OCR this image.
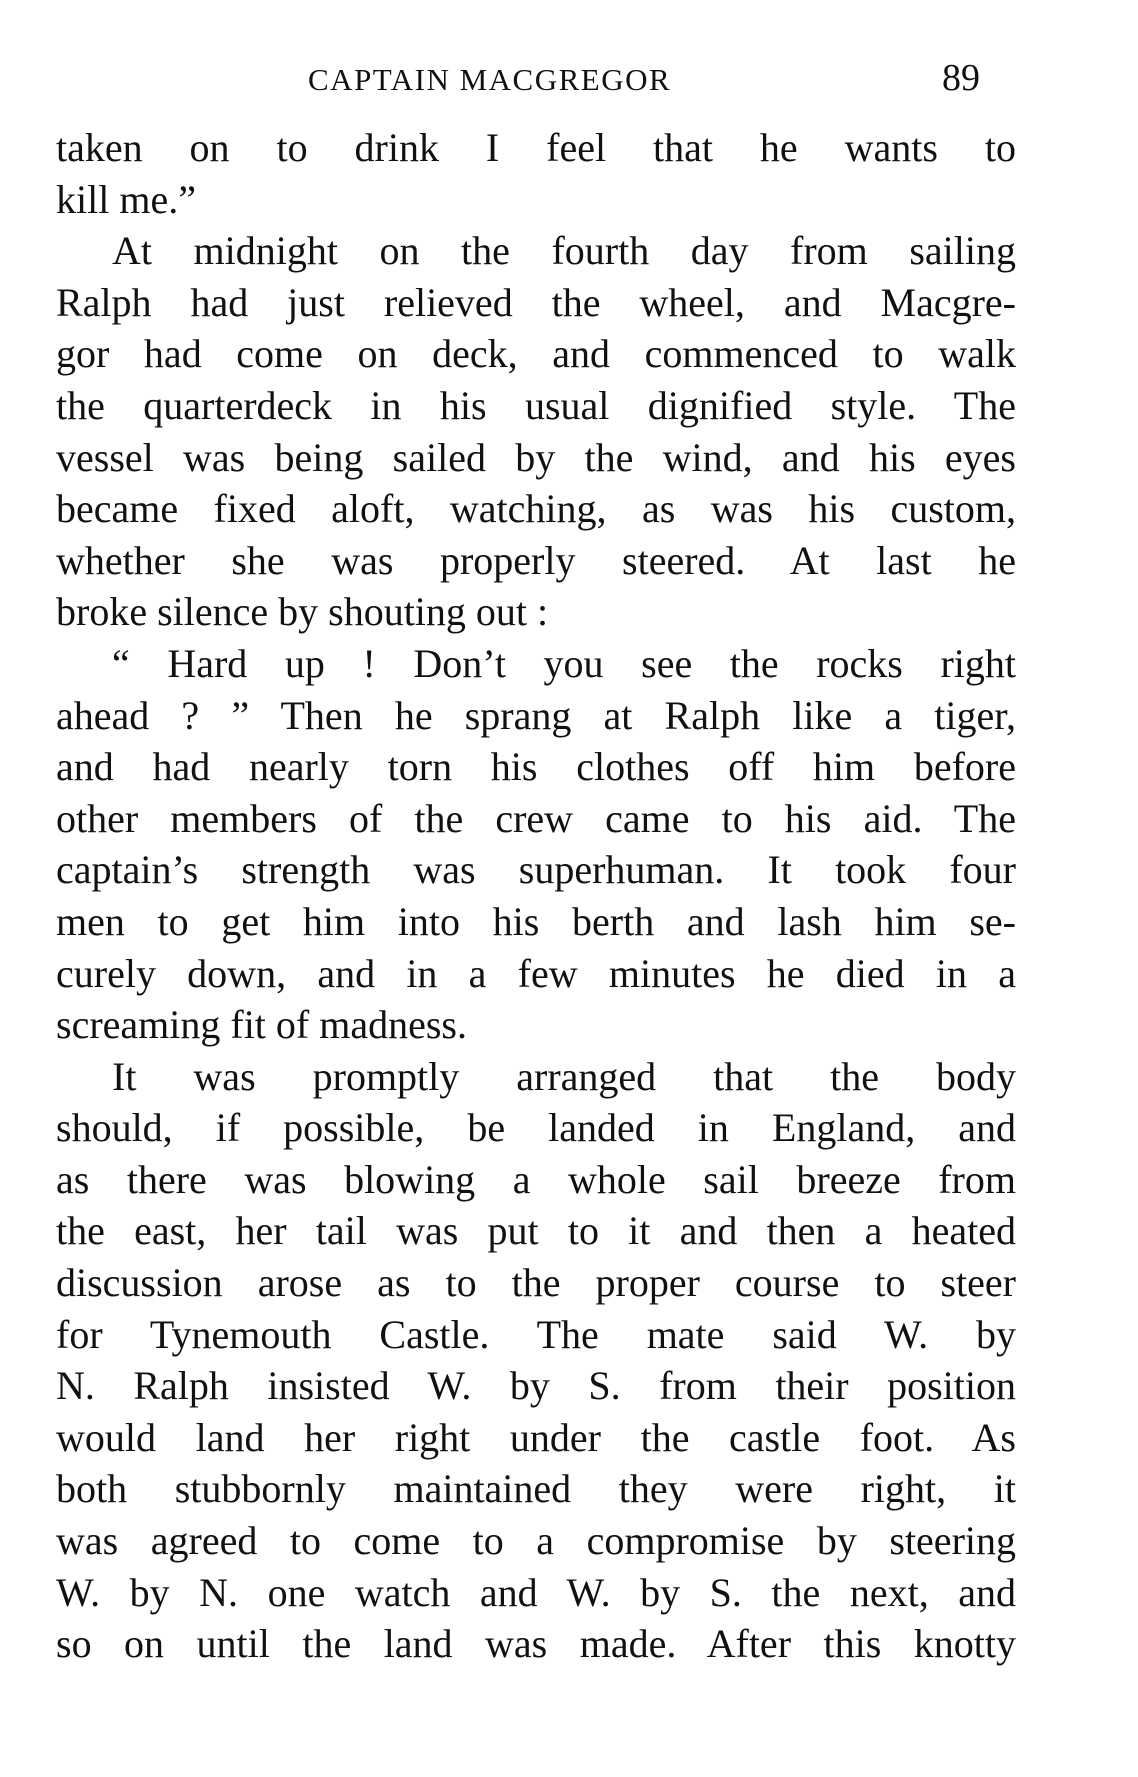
CAPTAIN MACGREGOR	89
taken on to drink I feel that he wants to
kill me.”
At midnight on the fourth day from sailing
Ralph had just relieved the wheel, and Macgre-
gor had come on deck, and commenced to walk
the quarterdeck in his usual dignified style. The
vessel was being sailed by the wind, and his eyes
became fixed aloft, watching, as was his custom,
whether she was properly steered. At last he
broke silence by shouting out :
“ Hard up ! Don’t you see the rocks right
ahead ? ” Then he sprang at Ralph like a tiger,
and had nearly torn his clothes off him before
other members of the crew came to his aid. The
captain’s strength was superhuman. It took four
men to get him into his berth and lash him se-
curely down, and in a few minutes he died in a
screaming fit of madness.
It was promptly arranged that the body
should, if possible, be landed in England, and
as there was blowing a whole sail breeze from
the east, her tail was put to it and then a heated
discussion arose as to the proper course to steer
for Tynemouth Castle. The mate said W. by
N. Ralph insisted W. by S. from their position
would land her right under the castle foot. As
both stubbornly maintained they were right, it
was agreed to come to a compromise by steering
W. by N. one watch and W. by S. the next, and
so on until the land was made. After this knotty
